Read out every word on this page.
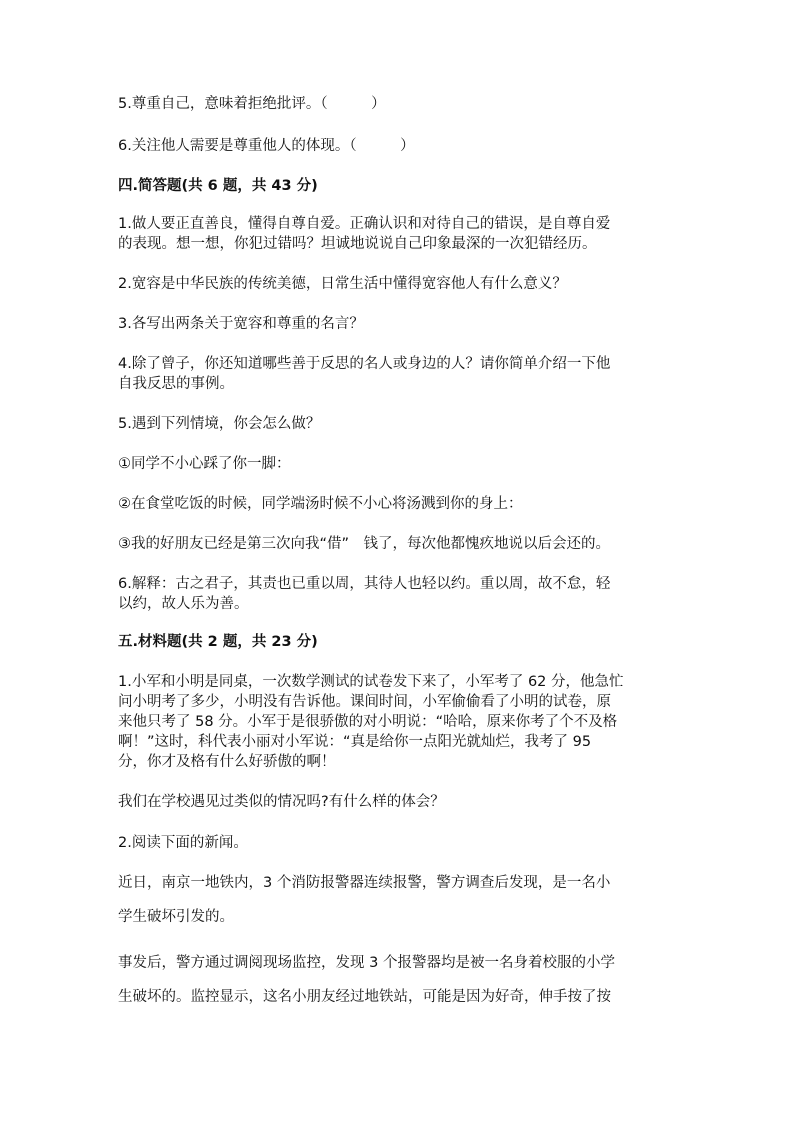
5.尊重自己，意味着拒绝批评。（　　　）

6.关注他人需要是尊重他人的体现。（　　　）

四.简答题(共 6 题，共 43 分)

1.做人要正直善良，懂得自尊自爱。正确认识和对待自己的错误，是自尊自爱

的表现。想一想，你犯过错吗？坦诚地说说自己印象最深的一次犯错经历。

2.宽容是中华民族的传统美德，日常生活中懂得宽容他人有什么意义？

3.各写出两条关于宽容和尊重的名言？

4.除了曾子，你还知道哪些善于反思的名人或身边的人？请你简单介绍一下他

自我反思的事例。

5.遇到下列情境，你会怎么做？

①同学不小心踩了你一脚：

②在食堂吃饭的时候，同学端汤时候不小心将汤溅到你的身上：

③我的好朋友已经是第三次向我“借”　钱了，每次他都愧疚地说以后会还的。

6.解释：古之君子，其责也已重以周，其待人也轻以约。重以周，故不怠，轻

以约，故人乐为善。

五.材料题(共 2 题，共 23 分)

1.小军和小明是同桌，一次数学测试的试卷发下来了，小军考了 62 分，他急忙

问小明考了多少，小明没有告诉他。课间时间，小军偷偷看了小明的试卷，原

来他只考了 58 分。小军于是很骄傲的对小明说：“哈哈，原来你考了个不及格

啊！”这时，科代表小丽对小军说：“真是给你一点阳光就灿烂，我考了 95

分，你才及格有什么好骄傲的啊！

我们在学校遇见过类似的情况吗?有什么样的体会？

2.阅读下面的新闻。

近日，南京一地铁内，3 个消防报警器连续报警，警方调查后发现，是一名小

学生破坏引发的。

事发后，警方通过调阅现场监控，发现 3 个报警器均是被一名身着校服的小学

生破坏的。监控显示，这名小朋友经过地铁站，可能是因为好奇，伸手按了按
